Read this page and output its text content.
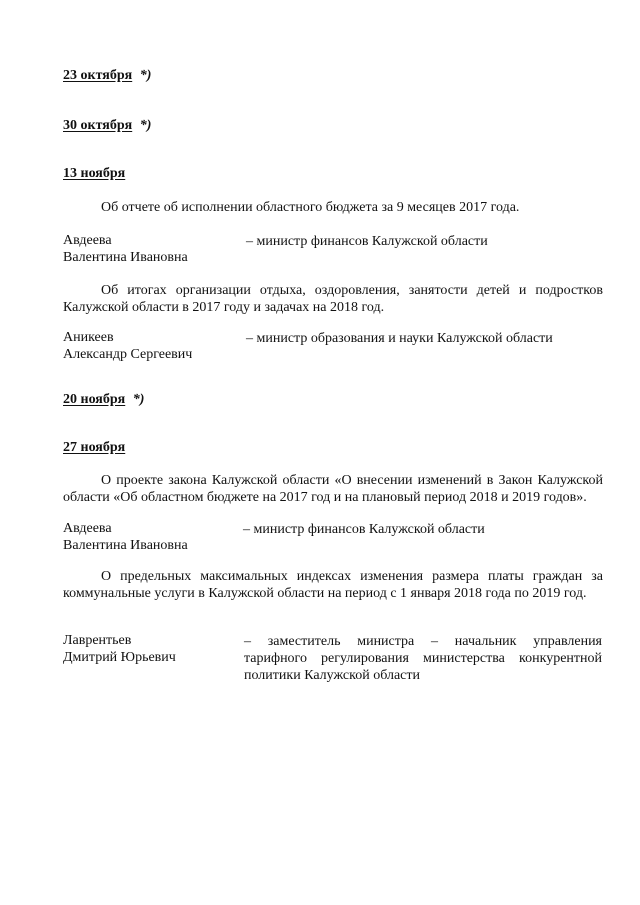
23 октября *)
30 октября *)
13 ноября
Об отчете об исполнении областного бюджета за 9 месяцев 2017 года.
Авдеева
Валентина Ивановна
– министр финансов Калужской области
Об итогах организации отдыха, оздоровления, занятости детей и подростков Калужской области в 2017 году и задачах на 2018 год.
Аникеев
Александр Сергеевич
– министр образования и науки Калужской области
20 ноября *)
27 ноября
О проекте закона Калужской области «О внесении изменений в Закон Калужской области «Об областном бюджете на 2017 год и на плановый период 2018 и 2019 годов».
Авдеева
Валентина Ивановна
– министр финансов Калужской области
О предельных максимальных индексах изменения размера платы граждан за коммунальные услуги в Калужской области на период с 1 января 2018 года по 2019 год.
Лаврентьев
Дмитрий Юрьевич
– заместитель министра – начальник управления
тарифного регулирования министерства конкурентной
политики Калужской области
